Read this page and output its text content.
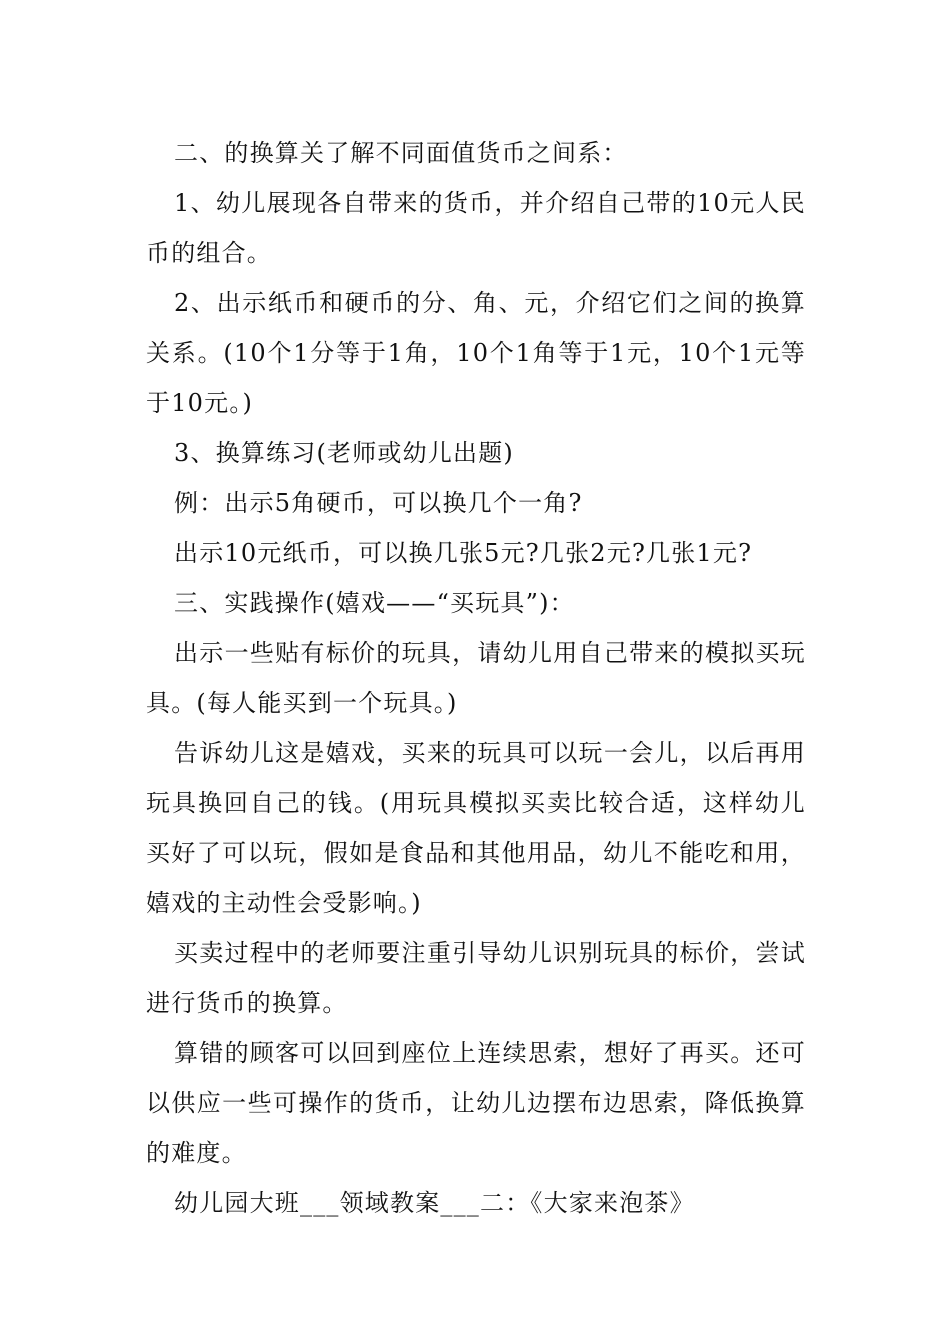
二、的换算关了解不同面值货币之间系：

1、幼儿展现各自带来的货币，并介绍自己带的10元人民币的组合。

2、出示纸币和硬币的分、角、元，介绍它们之间的换算关系。(10个1分等于1角，10个1角等于1元，10个1元等于10元。)

3、换算练习(老师或幼儿出题)

例：出示5角硬币，可以换几个一角?

出示10元纸币，可以换几张5元?几张2元?几张1元?

三、实践操作(嬉戏——“买玩具”)：

出示一些贴有标价的玩具，请幼儿用自己带来的模拟买玩具。(每人能买到一个玩具。)

告诉幼儿这是嬉戏，买来的玩具可以玩一会儿，以后再用玩具换回自己的钱。(用玩具模拟买卖比较合适，这样幼儿买好了可以玩，假如是食品和其他用品，幼儿不能吃和用，嬉戏的主动性会受影响。)

买卖过程中的老师要注重引导幼儿识别玩具的标价，尝试进行货币的换算。

算错的顾客可以回到座位上连续思索，想好了再买。还可以供应一些可操作的货币，让幼儿边摆布边思索，降低换算的难度。

幼儿园大班___领域教案___二：《大家来泡茶》
